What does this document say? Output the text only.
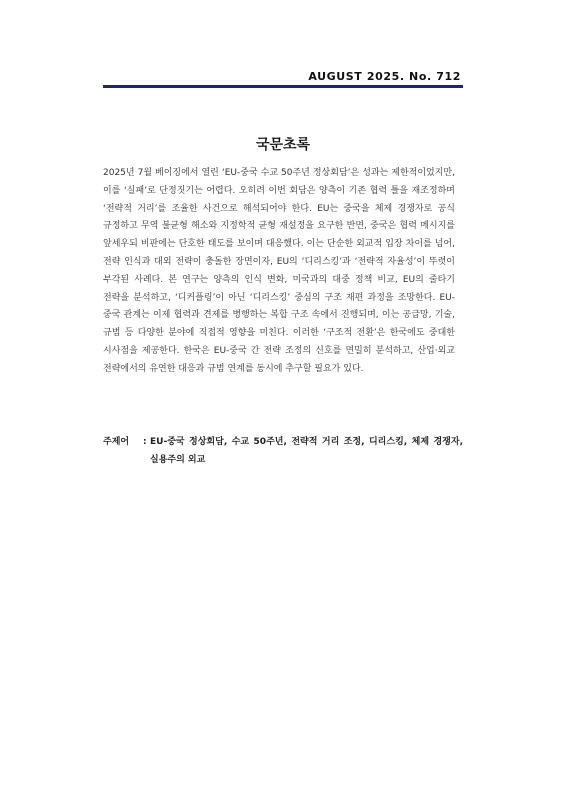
AUGUST 2025. No. 712
국문초록

2025년 7월 베이징에서 열린 ‘EU-중국 수교 50주년 정상회담’은 성과는 제한적이었지만, 이를 ‘실패’로 단정짓기는 어렵다. 오히려 이번 회담은 양측이 기존 협력 틀을 재조정하며 ‘전략적 거리’를 조율한 사건으로 해석되어야 한다. EU는 중국을 체제 경쟁자로 공식 규정하고 무역 불균형 해소와 지정학적 균형 재설정을 요구한 반면, 중국은 협력 메시지를 앞세우되 비판에는 단호한 태도를 보이며 대응했다. 이는 단순한 외교적 입장 차이를 넘어, 전략 인식과 대외 전략이 충돌한 장면이자, EU의 ‘디리스킹’과 ‘전략적 자율성’이 뚜렷이 부각된 사례다. 본 연구는 양측의 인식 변화, 미국과의 대중 정책 비교, EU의 줄타기 전략을 분석하고, ‘디커플링’이 아닌 ‘디리스킹’ 중심의 구조 재편 과정을 조망한다. EU-중국 관계는 이제 협력과 견제를 병행하는 복합 구조 속에서 진행되며, 이는 공급망, 기술, 규범 등 다양한 분야에 직접적 영향을 미친다. 이러한 ‘구조적 전환’은 한국에도 중대한 시사점을 제공한다. 한국은 EU-중국 간 전략 조정의 신호를 면밀히 분석하고, 산업·외교 전략에서의 유연한 대응과 규범 연계를 동시에 추구할 필요가 있다.

주제어	: EU-중국 정상회담, 수교 50주년, 전략적 거리 조정, 디리스킹, 체제 경쟁자, 실용주의 외교
